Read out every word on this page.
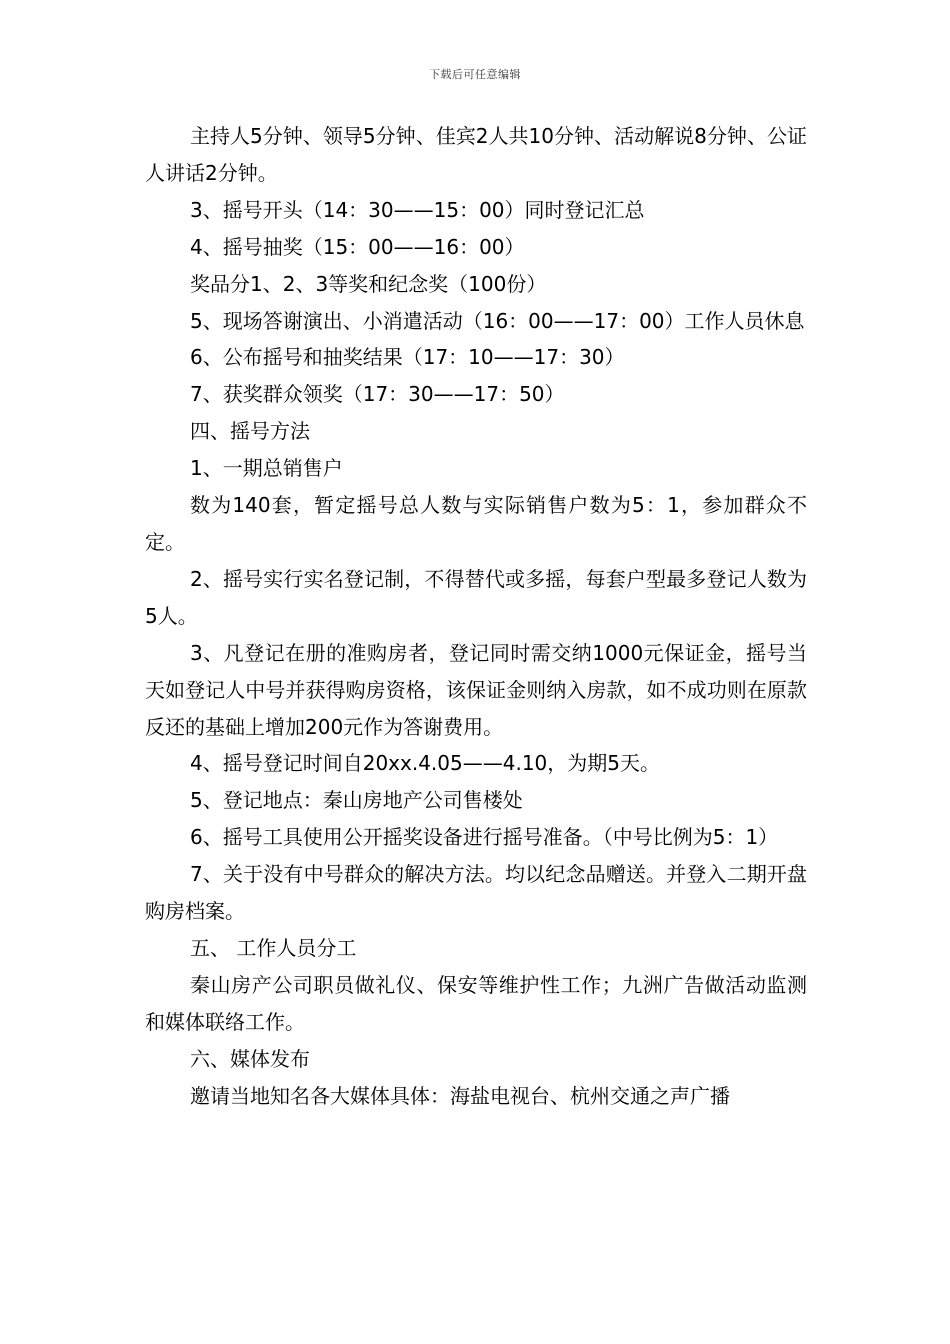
下载后可任意编辑

主持人5分钟、领导5分钟、佳宾2人共10分钟、活动解说8分钟、公证人讲话2分钟。

3、摇号开头（14：30——15：00）同时登记汇总

4、摇号抽奖（15：00——16：00）

奖品分1、2、3等奖和纪念奖（100份）

5、现场答谢演出、小消遣活动（16：00——17：00）工作人员休息

6、公布摇号和抽奖结果（17：10——17：30）

7、获奖群众领奖（17：30——17：50）

四、摇号方法

1、一期总销售户

数为140套，暂定摇号总人数与实际销售户数为5：1，参加群众不定。

2、摇号实行实名登记制，不得替代或多摇，每套户型最多登记人数为5人。

3、凡登记在册的准购房者，登记同时需交纳1000元保证金，摇号当天如登记人中号并获得购房资格，该保证金则纳入房款，如不成功则在原款反还的基础上增加200元作为答谢费用。

4、摇号登记时间自20xx.4.05——4.10，为期5天。

5、登记地点：秦山房地产公司售楼处

6、摇号工具使用公开摇奖设备进行摇号准备。（中号比例为5：1）

7、关于没有中号群众的解决方法。均以纪念品赠送。并登入二期开盘购房档案。

五、 工作人员分工

秦山房产公司职员做礼仪、保安等维护性工作；九洲广告做活动监测和媒体联络工作。

六、媒体发布

邀请当地知名各大媒体具体：海盐电视台、杭州交通之声广播
